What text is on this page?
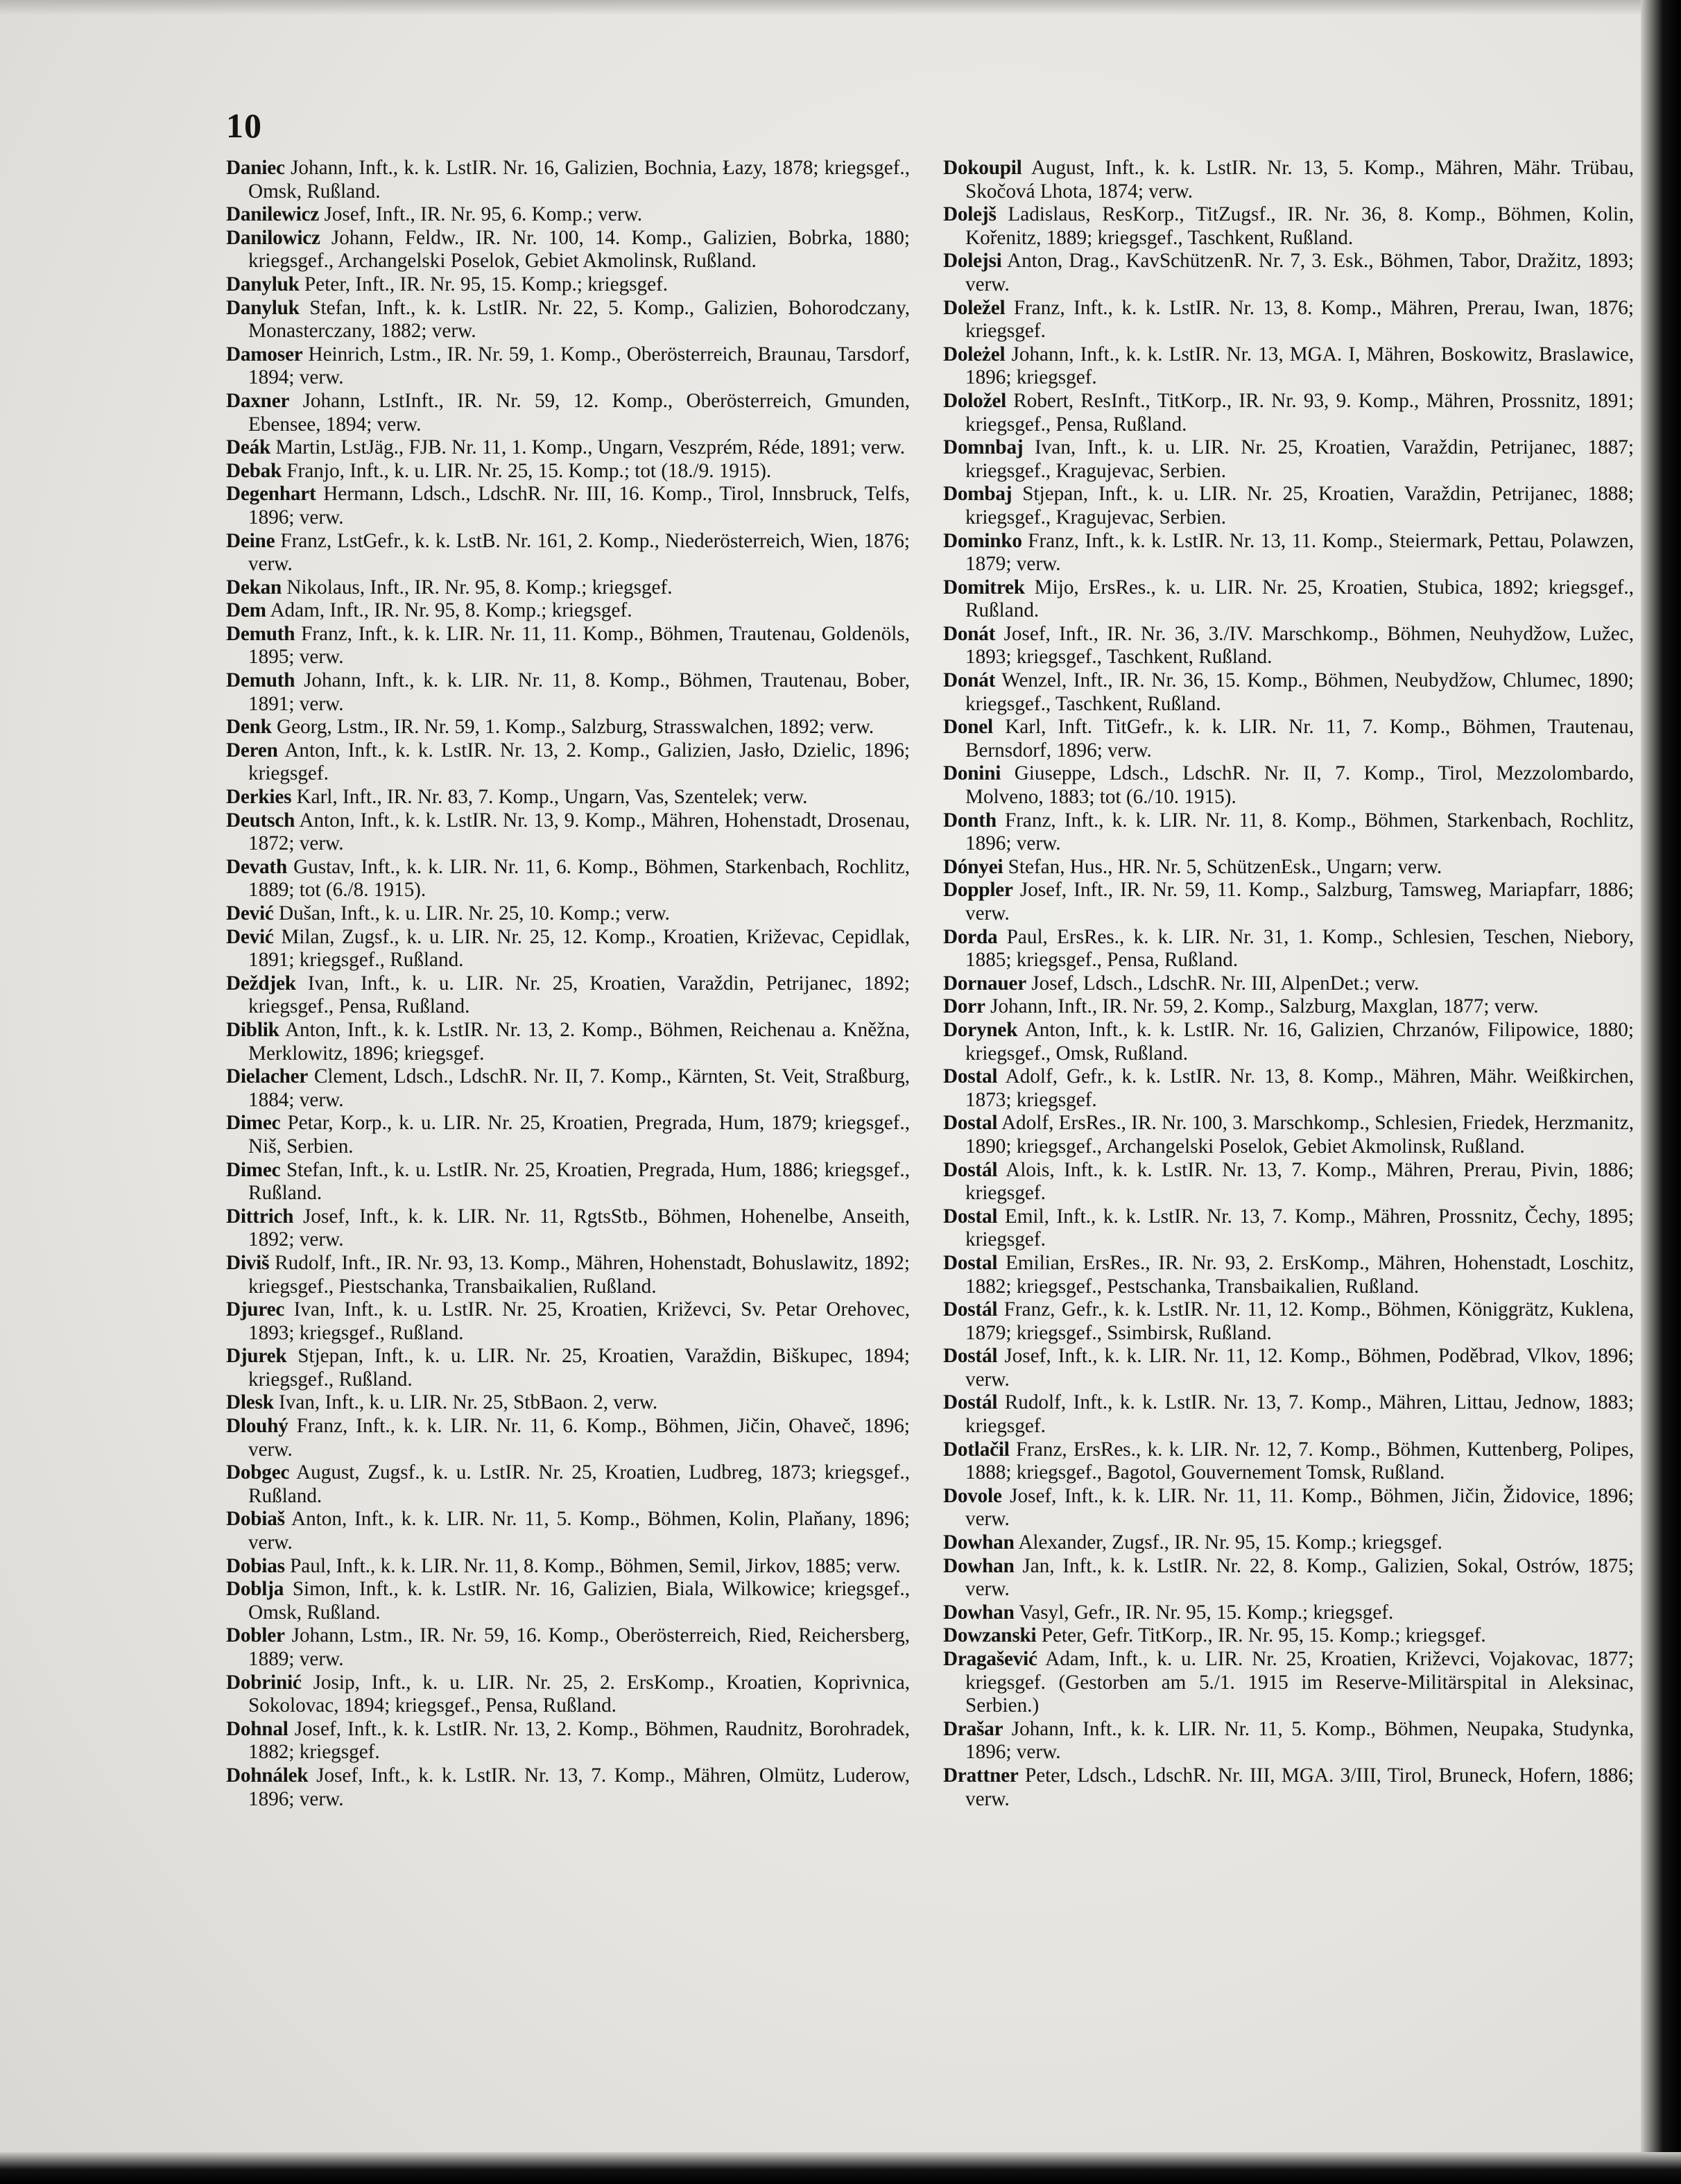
10

Daniec Johann, Inft., k. k. LstIR. Nr. 16, Galizien, Bochnia, Łazy, 1878; kriegsgef., Omsk, Rußland.

Danilewicz Josef, Inft., IR. Nr. 95, 6. Komp.; verw.

Danilowicz Johann, Feldw., IR. Nr. 100, 14. Komp., Galizien, Bobrka, 1880; kriegsgef., Archangelski Poselok, Gebiet Akmolinsk, Rußland.

Danyluk Peter, Inft., IR. Nr. 95, 15. Komp.; kriegsgef.

Danyluk Stefan, Inft., k. k. LstIR. Nr. 22, 5. Komp., Galizien, Bohorodczany, Monasterczany, 1882; verw.

Damoser Heinrich, Lstm., IR. Nr. 59, 1. Komp., Oberösterreich, Braunau, Tarsdorf, 1894; verw.

Daxner Johann, LstInft., IR. Nr. 59, 12. Komp., Oberösterreich, Gmunden, Ebensee, 1894; verw.

Deák Martin, LstJäg., FJB. Nr. 11, 1. Komp., Ungarn, Veszprém, Réde, 1891; verw.

Debak Franjo, Inft., k. u. LIR. Nr. 25, 15. Komp.; tot (18./9. 1915).

Degenhart Hermann, Ldsch., LdschR. Nr. III, 16. Komp., Tirol, Innsbruck, Telfs, 1896; verw.

Deine Franz, LstGefr., k. k. LstB. Nr. 161, 2. Komp., Niederösterreich, Wien, 1876; verw.

Dekan Nikolaus, Inft., IR. Nr. 95, 8. Komp.; kriegsgef.

Dem Adam, Inft., IR. Nr. 95, 8. Komp.; kriegsgef.

Demuth Franz, Inft., k. k. LIR. Nr. 11, 11. Komp., Böhmen, Trautenau, Goldenöls, 1895; verw.

Demuth Johann, Inft., k. k. LIR. Nr. 11, 8. Komp., Böhmen, Trautenau, Bober, 1891; verw.

Denk Georg, Lstm., IR. Nr. 59, 1. Komp., Salzburg, Strasswalchen, 1892; verw.

Deren Anton, Inft., k. k. LstIR. Nr. 13, 2. Komp., Galizien, Jasło, Dzielic, 1896; kriegsgef.

Derkies Karl, Inft., IR. Nr. 83, 7. Komp., Ungarn, Vas, Szentelek; verw.

Deutsch Anton, Inft., k. k. LstIR. Nr. 13, 9. Komp., Mähren, Hohenstadt, Drosenau, 1872; verw.

Devath Gustav, Inft., k. k. LIR. Nr. 11, 6. Komp., Böhmen, Starkenbach, Rochlitz, 1889; tot (6./8. 1915).

Dević Dušan, Inft., k. u. LIR. Nr. 25, 10. Komp.; verw.

Dević Milan, Zugsf., k. u. LIR. Nr. 25, 12. Komp., Kroatien, Križevac, Cepidlak, 1891; kriegsgef., Rußland.

Deždjek Ivan, Inft., k. u. LIR. Nr. 25, Kroatien, Varaždin, Petrijanec, 1892; kriegsgef., Pensa, Rußland.

Diblik Anton, Inft., k. k. LstIR. Nr. 13, 2. Komp., Böhmen, Reichenau a. Kněžna, Merklowitz, 1896; kriegsgef.

Dielacher Clement, Ldsch., LdschR. Nr. II, 7. Komp., Kärnten, St. Veit, Straßburg, 1884; verw.

Dimec Petar, Korp., k. u. LIR. Nr. 25, Kroatien, Pregrada, Hum, 1879; kriegsgef., Niš, Serbien.

Dimec Stefan, Inft., k. u. LstIR. Nr. 25, Kroatien, Pregrada, Hum, 1886; kriegsgef., Rußland.

Dittrich Josef, Inft., k. k. LIR. Nr. 11, RgtsStb., Böhmen, Hohenelbe, Anseith, 1892; verw.

Diviš Rudolf, Inft., IR. Nr. 93, 13. Komp., Mähren, Hohenstadt, Bohuslawitz, 1892; kriegsgef., Piestschanka, Transbaikalien, Rußland.

Djurec Ivan, Inft., k. u. LstIR. Nr. 25, Kroatien, Križevci, Sv. Petar Orehovec, 1893; kriegsgef., Rußland.

Djurek Stjepan, Inft., k. u. LIR. Nr. 25, Kroatien, Varaždin, Biškupec, 1894; kriegsgef., Rußland.

Dlesk Ivan, Inft., k. u. LIR. Nr. 25, StbBaon. 2, verw.

Dlouhý Franz, Inft., k. k. LIR. Nr. 11, 6. Komp., Böhmen, Jičin, Ohaveč, 1896; verw.

Dobgec August, Zugsf., k. u. LstIR. Nr. 25, Kroatien, Ludbreg, 1873; kriegsgef., Rußland.

Dobiaš Anton, Inft., k. k. LIR. Nr. 11, 5. Komp., Böhmen, Kolin, Plaňany, 1896; verw.

Dobias Paul, Inft., k. k. LIR. Nr. 11, 8. Komp., Böhmen, Semil, Jirkov, 1885; verw.

Doblja Simon, Inft., k. k. LstIR. Nr. 16, Galizien, Biala, Wilkowice; kriegsgef., Omsk, Rußland.

Dobler Johann, Lstm., IR. Nr. 59, 16. Komp., Oberösterreich, Ried, Reichersberg, 1889; verw.

Dobrinić Josip, Inft., k. u. LIR. Nr. 25, 2. ErsKomp., Kroatien, Koprivnica, Sokolovac, 1894; kriegsgef., Pensa, Rußland.

Dohnal Josef, Inft., k. k. LstIR. Nr. 13, 2. Komp., Böhmen, Raudnitz, Borohradek, 1882; kriegsgef.

Dohnálek Josef, Inft., k. k. LstIR. Nr. 13, 7. Komp., Mähren, Olmütz, Luderow, 1896; verw.

Dokoupil August, Inft., k. k. LstIR. Nr. 13, 5. Komp., Mähren, Mähr. Trübau, Skočová Lhota, 1874; verw.

Dolejš Ladislaus, ResKorp., TitZugsf., IR. Nr. 36, 8. Komp., Böhmen, Kolin, Kořenitz, 1889; kriegsgef., Taschkent, Rußland.

Dolejsi Anton, Drag., KavSchützenR. Nr. 7, 3. Esk., Böhmen, Tabor, Dražitz, 1893; verw.

Doležel Franz, Inft., k. k. LstIR. Nr. 13, 8. Komp., Mähren, Prerau, Iwan, 1876; kriegsgef.

Doleżel Johann, Inft., k. k. LstIR. Nr. 13, MGA. I, Mähren, Boskowitz, Braslawice, 1896; kriegsgef.

Doložel Robert, ResInft., TitKorp., IR. Nr. 93, 9. Komp., Mähren, Prossnitz, 1891; kriegsgef., Pensa, Rußland.

Domnbaj Ivan, Inft., k. u. LIR. Nr. 25, Kroatien, Varaždin, Petrijanec, 1887; kriegsgef., Kragujevac, Serbien.

Dombaj Stjepan, Inft., k. u. LIR. Nr. 25, Kroatien, Varaždin, Petrijanec, 1888; kriegsgef., Kragujevac, Serbien.

Dominko Franz, Inft., k. k. LstIR. Nr. 13, 11. Komp., Steiermark, Pettau, Polawzen, 1879; verw.

Domitrek Mijo, ErsRes., k. u. LIR. Nr. 25, Kroatien, Stubica, 1892; kriegsgef., Rußland.

Donát Josef, Inft., IR. Nr. 36, 3./IV. Marschkomp., Böhmen, Neuhydžow, Lužec, 1893; kriegsgef., Taschkent, Rußland.

Donát Wenzel, Inft., IR. Nr. 36, 15. Komp., Böhmen, Neubydžow, Chlumec, 1890; kriegsgef., Taschkent, Rußland.

Donel Karl, Inft. TitGefr., k. k. LIR. Nr. 11, 7. Komp., Böhmen, Trautenau, Bernsdorf, 1896; verw.

Donini Giuseppe, Ldsch., LdschR. Nr. II, 7. Komp., Tirol, Mezzolombardo, Molveno, 1883; tot (6./10. 1915).

Donth Franz, Inft., k. k. LIR. Nr. 11, 8. Komp., Böhmen, Starkenbach, Rochlitz, 1896; verw.

Dónyei Stefan, Hus., HR. Nr. 5, SchützenEsk., Ungarn; verw.

Doppler Josef, Inft., IR. Nr. 59, 11. Komp., Salzburg, Tamsweg, Mariapfarr, 1886; verw.

Dorda Paul, ErsRes., k. k. LIR. Nr. 31, 1. Komp., Schlesien, Teschen, Niebory, 1885; kriegsgef., Pensa, Rußland.

Dornauer Josef, Ldsch., LdschR. Nr. III, AlpenDet.; verw.

Dorr Johann, Inft., IR. Nr. 59, 2. Komp., Salzburg, Maxglan, 1877; verw.

Dorynek Anton, Inft., k. k. LstIR. Nr. 16, Galizien, Chrzanów, Filipowice, 1880; kriegsgef., Omsk, Rußland.

Dostal Adolf, Gefr., k. k. LstIR. Nr. 13, 8. Komp., Mähren, Mähr. Weißkirchen, 1873; kriegsgef.

Dostal Adolf, ErsRes., IR. Nr. 100, 3. Marschkomp., Schlesien, Friedek, Herzmanitz, 1890; kriegsgef., Archangelski Poselok, Gebiet Akmolinsk, Rußland.

Dostál Alois, Inft., k. k. LstIR. Nr. 13, 7. Komp., Mähren, Prerau, Pivin, 1886; kriegsgef.

Dostal Emil, Inft., k. k. LstIR. Nr. 13, 7. Komp., Mähren, Prossnitz, Čechy, 1895; kriegsgef.

Dostal Emilian, ErsRes., IR. Nr. 93, 2. ErsKomp., Mähren, Hohenstadt, Loschitz, 1882; kriegsgef., Pestschanka, Transbaikalien, Rußland.

Dostál Franz, Gefr., k. k. LstIR. Nr. 11, 12. Komp., Böhmen, Königgrätz, Kuklena, 1879; kriegsgef., Ssimbirsk, Rußland.

Dostál Josef, Inft., k. k. LIR. Nr. 11, 12. Komp., Böhmen, Poděbrad, Vlkov, 1896; verw.

Dostál Rudolf, Inft., k. k. LstIR. Nr. 13, 7. Komp., Mähren, Littau, Jednow, 1883; kriegsgef.

Dotlačil Franz, ErsRes., k. k. LIR. Nr. 12, 7. Komp., Böhmen, Kuttenberg, Polipes, 1888; kriegsgef., Bagotol, Gouvernement Tomsk, Rußland.

Dovole Josef, Inft., k. k. LIR. Nr. 11, 11. Komp., Böhmen, Jičin, Židovice, 1896; verw.

Dowhan Alexander, Zugsf., IR. Nr. 95, 15. Komp.; kriegsgef.

Dowhan Jan, Inft., k. k. LstIR. Nr. 22, 8. Komp., Galizien, Sokal, Ostrów, 1875; verw.

Dowhan Vasyl, Gefr., IR. Nr. 95, 15. Komp.; kriegsgef.

Dowzanski Peter, Gefr. TitKorp., IR. Nr. 95, 15. Komp.; kriegsgef.

Dragašević Adam, Inft., k. u. LIR. Nr. 25, Kroatien, Križevci, Vojakovac, 1877; kriegsgef. (Gestorben am 5./1. 1915 im Reserve-Militärspital in Aleksinac, Serbien.)

Drašar Johann, Inft., k. k. LIR. Nr. 11, 5. Komp., Böhmen, Neupaka, Studynka, 1896; verw.

Drattner Peter, Ldsch., LdschR. Nr. III, MGA. 3/III, Tirol, Bruneck, Hofern, 1886; verw.
